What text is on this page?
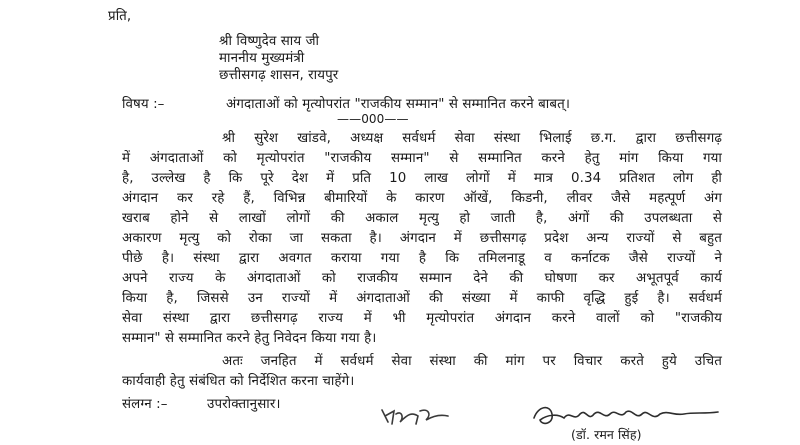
प्रति,
श्री विष्णुदेव साय जी
माननीय मुख्यमंत्री
छत्तीसगढ़ शासन, रायपुर
विषय :–	अंगदाताओं को मृत्योपरांत "राजकीय सम्मान" से सम्मानित करने बाबत्।
——000——
श्री सुरेश खांडवे, अध्यक्ष सर्वधर्म सेवा संस्था भिलाई छ.ग. द्वारा छत्तीसगढ़
में अंगदाताओं को मृत्योपरांत "राजकीय सम्मान" से सम्मानित करने हेतु मांग किया गया
है, उल्लेख है कि पूरे देश में प्रति 10 लाख लोगों में मात्र 0.34 प्रतिशत लोग ही
अंगदान कर रहे हैं, विभिन्न बीमारियों के कारण ऑखें, किडनी, लीवर जैसे महत्पूर्ण अंग
खराब होने से लाखों लोगों की अकाल मृत्यु हो जाती है, अंगों की उपलब्धता से
अकारण मृत्यु को रोका जा सकता है। अंगदान में छत्तीसगढ़ प्रदेश अन्य राज्यों से बहुत
पीछे है। संस्था द्वारा अवगत कराया गया है कि तमिलनाडू व कर्नाटक जैसे राज्यों ने
अपने राज्य के अंगदाताओं को राजकीय सम्मान देने की घोषणा कर अभूतपूर्व कार्य
किया है, जिससे उन राज्यों में अंगदाताओं की संख्या में काफी वृद्धि हुई है। सर्वधर्म
सेवा संस्था द्वारा छत्तीसगढ़ राज्य में भी मृत्योपरांत अंगदान करने वालों को "राजकीय
सम्मान" से सम्मानित करने हेतु निवेदन किया गया है।
अतः जनहित में सर्वधर्म सेवा संस्था की मांग पर विचार करते हुये उचित
कार्यवाही हेतु संबंधित को निर्देशित करना चाहेंगे।
संलग्न :–	उपरोक्तानुसार।
(डॉ. रमन सिंह)
